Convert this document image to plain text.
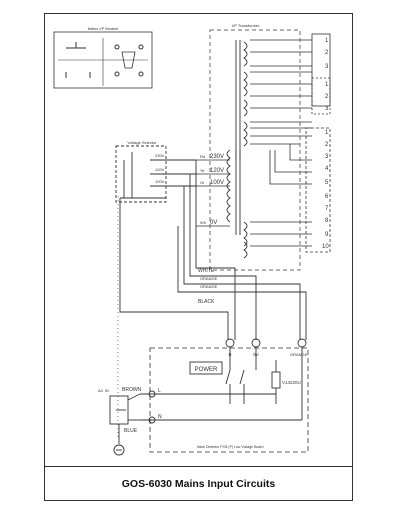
Mains I/P Module
I/P Transformer
Voltage Selector
230V
120V
100V
0V
Rd
Ye
Or
Wh
230V
120V
100V
1
2
3
1
2
3
1
2
3
4
5
6
7
8
9
10
WHITE
ORANGE
ORANGE
BLACK
B	0V	ORANGE
POWER
V14220U
Valve Detector PCB (P) Low Voltage Board
L
N
AC IN	BROWN
BLUE
GOS-6030 Mains Input Circuits
